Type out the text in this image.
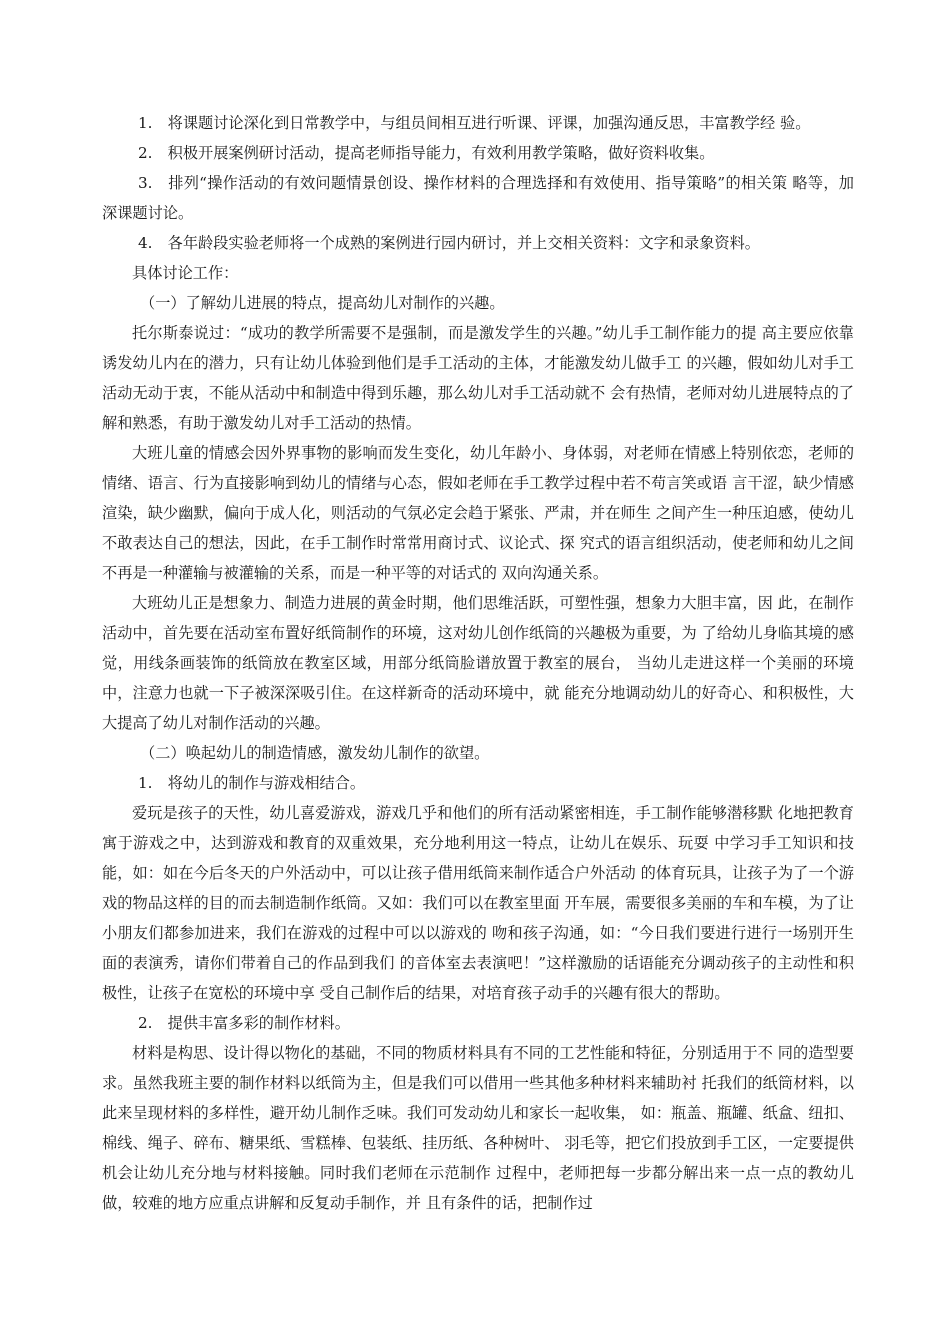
1.　将课题讨论深化到日常教学中，与组员间相互进行听课、评课，加强沟通反思，丰富教学经 验。

2.　积极开展案例研讨活动，提高老师指导能力，有效利用教学策略，做好资料收集。

3.　排列“操作活动的有效问题情景创设、操作材料的合理选择和有效使用、指导策略”的相关策 略等，加深课题讨论。

4.　各年龄段实验老师将一个成熟的案例进行园内研讨，并上交相关资料：文字和录象资料。

具体讨论工作：

（一）了解幼儿进展的特点，提高幼儿对制作的兴趣。

托尔斯泰说过：“成功的教学所需要不是强制，而是激发学生的兴趣。”幼儿手工制作能力的提 高主要应依靠诱发幼儿内在的潜力，只有让幼儿体验到他们是手工活动的主体，才能激发幼儿做手工 的兴趣，假如幼儿对手工活动无动于衷，不能从活动中和制造中得到乐趣，那么幼儿对手工活动就不 会有热情，老师对幼儿进展特点的了解和熟悉，有助于激发幼儿对手工活动的热情。

大班儿童的情感会因外界事物的影响而发生变化，幼儿年龄小、身体弱，对老师在情感上特别依恋，老师的情绪、语言、行为直接影响到幼儿的情绪与心态，假如老师在手工教学过程中若不苟言笑或语 言干涩，缺少情感渲染，缺少幽默，偏向于成人化，则活动的气氛必定会趋于紧张、严肃，并在师生 之间产生一种压迫感，使幼儿不敢表达自己的想法，因此，在手工制作时常常用商讨式、议论式、探 究式的语言组织活动，使老师和幼儿之间不再是一种灌输与被灌输的关系，而是一种平等的对话式的 双向沟通关系。

大班幼儿正是想象力、制造力进展的黄金时期，他们思维活跃，可塑性强，想象力大胆丰富，因 此，在制作活动中，首先要在活动室布置好纸筒制作的环境，这对幼儿创作纸筒的兴趣极为重要，为 了给幼儿身临其境的感觉，用线条画装饰的纸筒放在教室区域，用部分纸筒脸谱放置于教室的展台， 当幼儿走进这样一个美丽的环境中，注意力也就一下子被深深吸引住。在这样新奇的活动环境中，就 能充分地调动幼儿的好奇心、和积极性，大大提高了幼儿对制作活动的兴趣。

（二）唤起幼儿的制造情感，激发幼儿制作的欲望。

1.　将幼儿的制作与游戏相结合。

爱玩是孩子的天性，幼儿喜爱游戏，游戏几乎和他们的所有活动紧密相连，手工制作能够潜移默 化地把教育寓于游戏之中，达到游戏和教育的双重效果，充分地利用这一特点，让幼儿在娱乐、玩耍 中学习手工知识和技能，如：如在今后冬天的户外活动中，可以让孩子借用纸筒来制作适合户外活动 的体育玩具，让孩子为了一个游戏的物品这样的目的而去制造制作纸筒。又如：我们可以在教室里面 开车展，需要很多美丽的车和车模，为了让小朋友们都参加进来，我们在游戏的过程中可以以游戏的 吻和孩子沟通，如：“今日我们要进行进行一场别开生面的表演秀，请你们带着自己的作品到我们 的音体室去表演吧！”这样激励的话语能充分调动孩子的主动性和积极性，让孩子在宽松的环境中享 受自己制作后的结果，对培育孩子动手的兴趣有很大的帮助。

2.　提供丰富多彩的制作材料。

材料是构思、设计得以物化的基础，不同的物质材料具有不同的工艺性能和特征，分别适用于不 同的造型要求。虽然我班主要的制作材料以纸筒为主，但是我们可以借用一些其他多种材料来辅助衬 托我们的纸筒材料，以此来呈现材料的多样性，避开幼儿制作乏味。我们可发动幼儿和家长一起收集， 如：瓶盖、瓶罐、纸盒、纽扣、棉线、绳子、碎布、糖果纸、雪糕棒、包装纸、挂历纸、各种树叶、 羽毛等，把它们投放到手工区，一定要提供机会让幼儿充分地与材料接触。同时我们老师在示范制作 过程中，老师把每一步都分解出来一点一点的教幼儿做，较难的地方应重点讲解和反复动手制作，并 且有条件的话，把制作过
